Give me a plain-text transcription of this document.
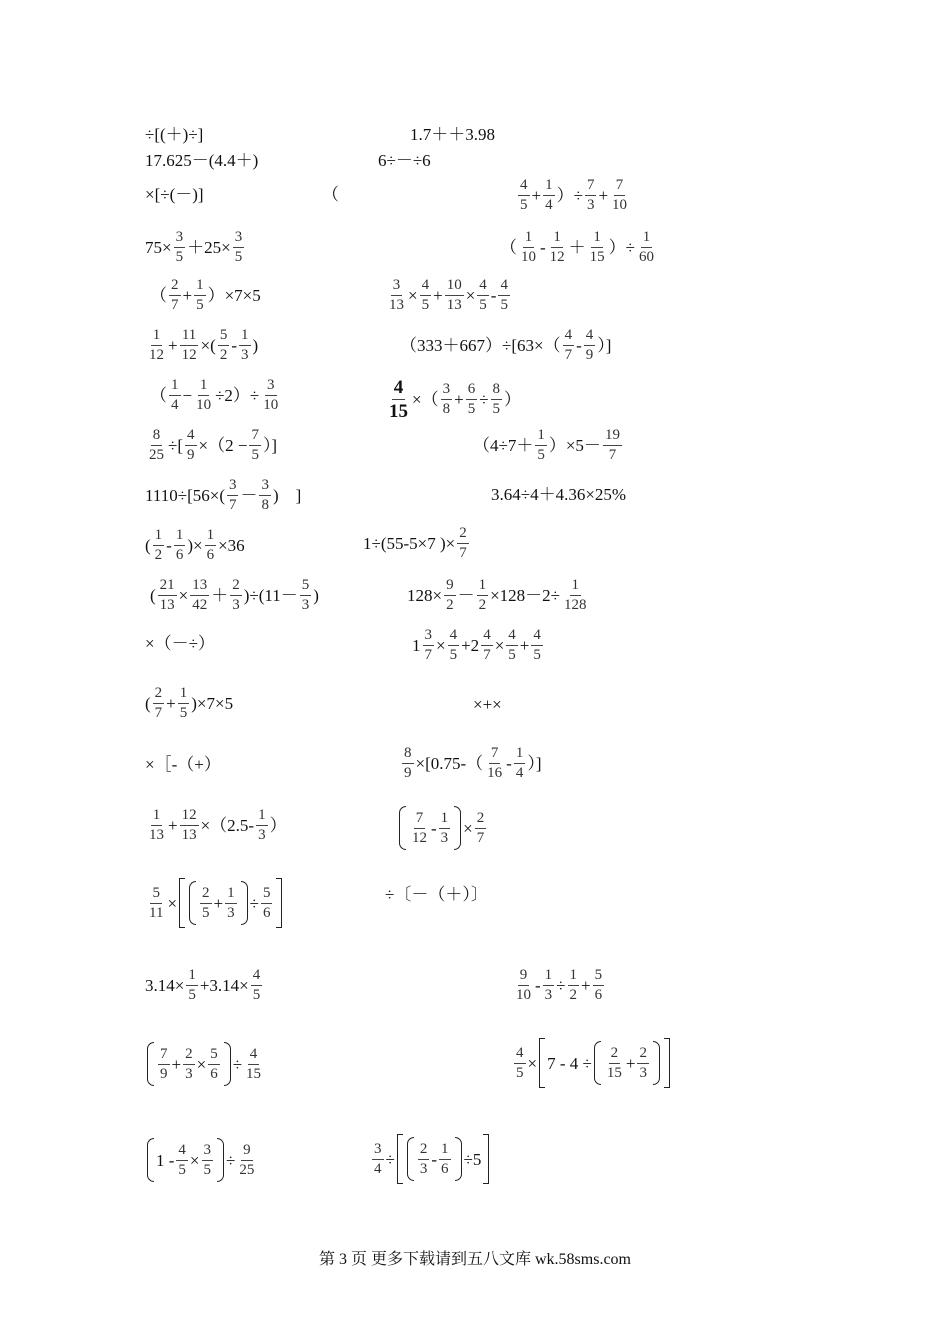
÷[(＋)÷]	1.7＋＋3.98
17.625－(4.4＋)	6÷－÷6
×[÷(－)]	（	$\frac{4}{5} + \frac{1}{4}$ ）÷ $\frac{7}{3} + \frac{7}{10}$
$75\times \frac{3}{5} +25\times \frac{3}{5}$	（ $\frac{1}{10} - \frac{1}{12} + \frac{1}{15}$ ）÷ $\frac{1}{60}$
（ $\frac{2}{7} + \frac{1}{5} )\times 7\times 5$	$\frac{3}{13} \times \frac{4}{5} + \frac{10}{13} \times \frac{4}{5} - \frac{4}{5}$
$\frac{1}{12} + \frac{11}{12}$ ×( $\frac{5}{2} - \frac{1}{3}$ )	$(333+667)\div[63\times( \frac{4}{7} - \frac{4}{9}$ ）]
（ $\frac{1}{4} - \frac{1}{10} \div 2)\div \frac{3}{10}$	$\frac{4}{15}$ ×（ $\frac{3}{8} + \frac{6}{5} \div \frac{8}{5}$ ）
$\frac{8}{25}$ ÷[ $\frac{4}{9} \times(2 - \frac{7}{5}$ ）]	$(4\div 7+ \frac{1}{5} )\times 5- \frac{19}{7}$
$1110\div[56\times( \frac{3}{7} - \frac{3}{8}$ )　]	3.64÷4＋4.36×25%
( $\frac{1}{2} - \frac{1}{6}$ )× $\frac{1}{6} \times 36$	1÷(55-5×7 )× $\frac{2}{7}$
( $\frac{21}{13} \times \frac{13}{42} + \frac{2}{3} )\div(11- \frac{5}{3}$ )	$128\times \frac{9}{2} - \frac{1}{2} \times 128-2\div \frac{1}{128}$
×（－÷）	$1 \frac{3}{7} \times \frac{4}{5} +2 \frac{4}{7} \times \frac{4}{5} + \frac{4}{5}$
( $\frac{2}{7} + \frac{1}{5} )\times 7\times 5$	×+×
×［-（+）	$\frac{8}{9} \times[0.75-( \frac{7}{16} - \frac{1}{4}$ ）]
$\frac{1}{13} + \frac{12}{13} \times(2.5- \frac{1}{3}$ ）	$\frac{7}{12} - \frac{1}{3} \times \frac{2}{7}$
$\frac{5}{11} \times \frac{2}{5} + \frac{1}{3} \div \frac{5}{6}$	÷〔－（＋）〕
$3.14\times \frac{1}{5} +3.14\times \frac{4}{5}$	$\frac{9}{10} - \frac{1}{3} \div \frac{1}{2} + \frac{5}{6}$
$\frac{7}{9} + \frac{2}{3} \times \frac{5}{6} \div \frac{4}{15}$	$\frac{4}{5} \times 7 - 4 \div \frac{2}{15} + \frac{2}{3}$
$1 - \frac{4}{5} \times \frac{3}{5} \div \frac{9}{25}$	$\frac{3}{4} \div \frac{2}{3} - \frac{1}{6} \div 5$
第 3 页 更多下载请到五八文库 wk.58sms.com
